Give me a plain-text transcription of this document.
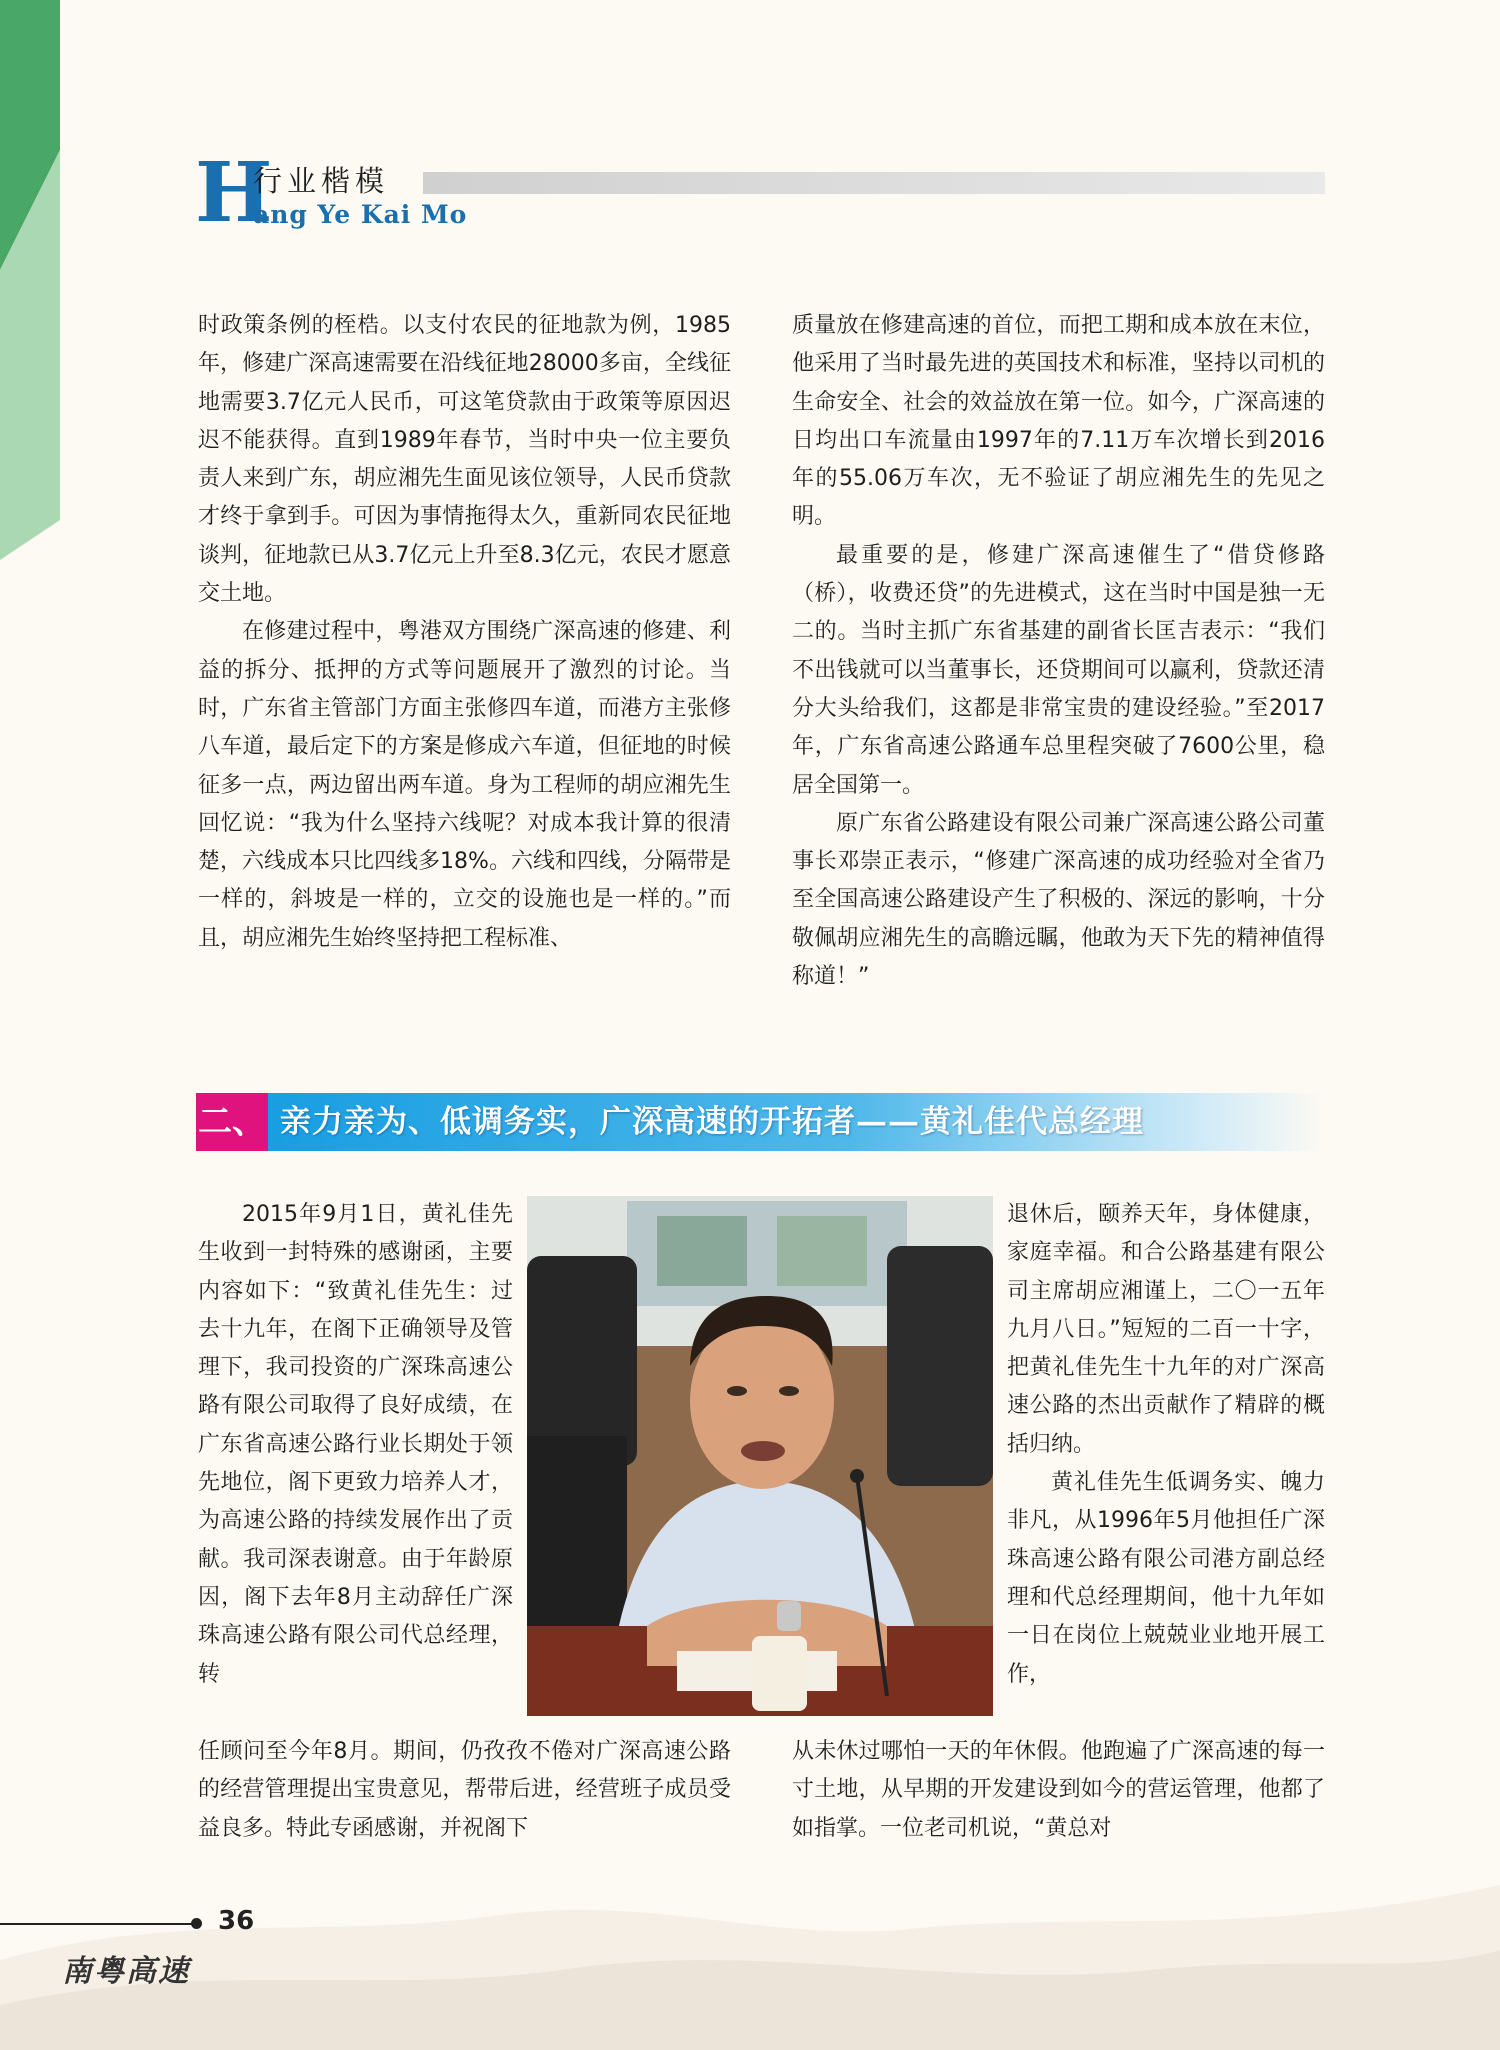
H
行业楷模
ang Ye Kai Mo

时政策条例的桎梏。以支付农民的征地款为例，1985年，修建广深高速需要在沿线征地28000多亩，全线征地需要3.7亿元人民币，可这笔贷款由于政策等原因迟迟不能获得。直到1989年春节，当时中央一位主要负责人来到广东，胡应湘先生面见该位领导，人民币贷款才终于拿到手。可因为事情拖得太久，重新同农民征地谈判，征地款已从3.7亿元上升至8.3亿元，农民才愿意交土地。

在修建过程中，粤港双方围绕广深高速的修建、利益的拆分、抵押的方式等问题展开了激烈的讨论。当时，广东省主管部门方面主张修四车道，而港方主张修八车道，最后定下的方案是修成六车道，但征地的时候征多一点，两边留出两车道。身为工程师的胡应湘先生回忆说：“我为什么坚持六线呢？对成本我计算的很清楚，六线成本只比四线多18%。六线和四线，分隔带是一样的，斜坡是一样的，立交的设施也是一样的。”而且，胡应湘先生始终坚持把工程标准、

质量放在修建高速的首位，而把工期和成本放在末位，他采用了当时最先进的英国技术和标准，坚持以司机的生命安全、社会的效益放在第一位。如今，广深高速的日均出口车流量由1997年的7.11万车次增长到2016年的55.06万车次，无不验证了胡应湘先生的先见之明。

最重要的是，修建广深高速催生了“借贷修路（桥），收费还贷”的先进模式，这在当时中国是独一无二的。当时主抓广东省基建的副省长匡吉表示：“我们不出钱就可以当董事长，还贷期间可以赢利，贷款还清分大头给我们，这都是非常宝贵的建设经验。”至2017年，广东省高速公路通车总里程突破了7600公里，稳居全国第一。

原广东省公路建设有限公司兼广深高速公路公司董事长邓崇正表示，“修建广深高速的成功经验对全省乃至全国高速公路建设产生了积极的、深远的影响，十分敬佩胡应湘先生的高瞻远瞩，他敢为天下先的精神值得称道！”

二、 亲力亲为、低调务实，广深高速的开拓者——黄礼佳代总经理

2015年9月1日，黄礼佳先生收到一封特殊的感谢函，主要内容如下：“致黄礼佳先生：过去十九年，在阁下正确领导及管理下，我司投资的广深珠高速公路有限公司取得了良好成绩，在广东省高速公路行业长期处于领先地位，阁下更致力培养人才，为高速公路的持续发展作出了贡献。我司深表谢意。由于年龄原因，阁下去年8月主动辞任广深珠高速公路有限公司代总经理，转

退休后，颐养天年，身体健康，家庭幸福。和合公路基建有限公司主席胡应湘谨上，二〇一五年九月八日。”短短的二百一十字，把黄礼佳先生十九年的对广深高速公路的杰出贡献作了精辟的概括归纳。

黄礼佳先生低调务实、魄力非凡，从1996年5月他担任广深珠高速公路有限公司港方副总经理和代总经理期间，他十九年如一日在岗位上兢兢业业地开展工作，

任顾问至今年8月。期间，仍孜孜不倦对广深高速公路的经营管理提出宝贵意见，帮带后进，经营班子成员受益良多。特此专函感谢，并祝阁下

从未休过哪怕一天的年休假。他跑遍了广深高速的每一寸土地，从早期的开发建设到如今的营运管理，他都了如指掌。一位老司机说，“黄总对

36
南粤高速
